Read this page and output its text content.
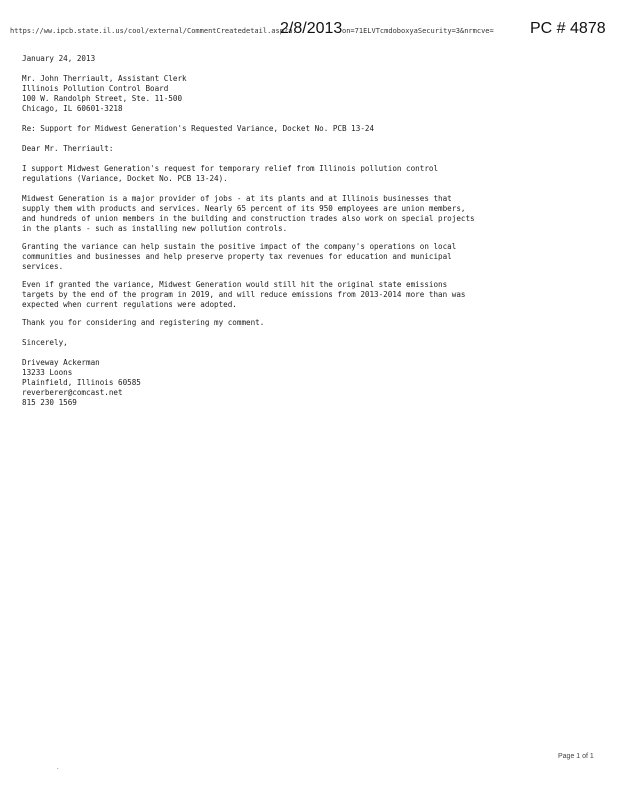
https://ww.ipcb.state.il.us/cool/external/CommentCreatedetail.asp?a...
2/8/2013 on=71ELVTcmdoboxyaSecurity=3&nrmcve= PC # 4878
January 24, 2013
Mr. John Therriault, Assistant Clerk
Illinois Pollution Control Board
100 W. Randolph Street, Ste. 11-500
Chicago, IL 60601-3218
Re: Support for Midwest Generation's Requested Variance, Docket No. PCB 13-24
Dear Mr. Therriault:
I support Midwest Generation's request for temporary relief from Illinois pollution control
regulations (Variance, Docket No. PCB 13-24).
Midwest Generation is a major provider of jobs - at its plants and at Illinois businesses that
supply them with products and services. Nearly 65 percent of its 950 employees are union members,
and hundreds of union members in the building and construction trades also work on special projects
in the plants - such as installing new pollution controls.
Granting the variance can help sustain the positive impact of the company's operations on local
communities and businesses and help preserve property tax revenues for education and municipal
services.
Even if granted the variance, Midwest Generation would still hit the original state emissions
targets by the end of the program in 2019, and will reduce emissions from 2013-2014 more than was
expected when current regulations were adopted.
Thank you for considering and registering my comment.
Sincerely,
Driveway Ackerman
13233 Loons
Plainfield, Illinois 60585
reverberer@comcast.net
815 230 1569
Page 1 of 1
.
